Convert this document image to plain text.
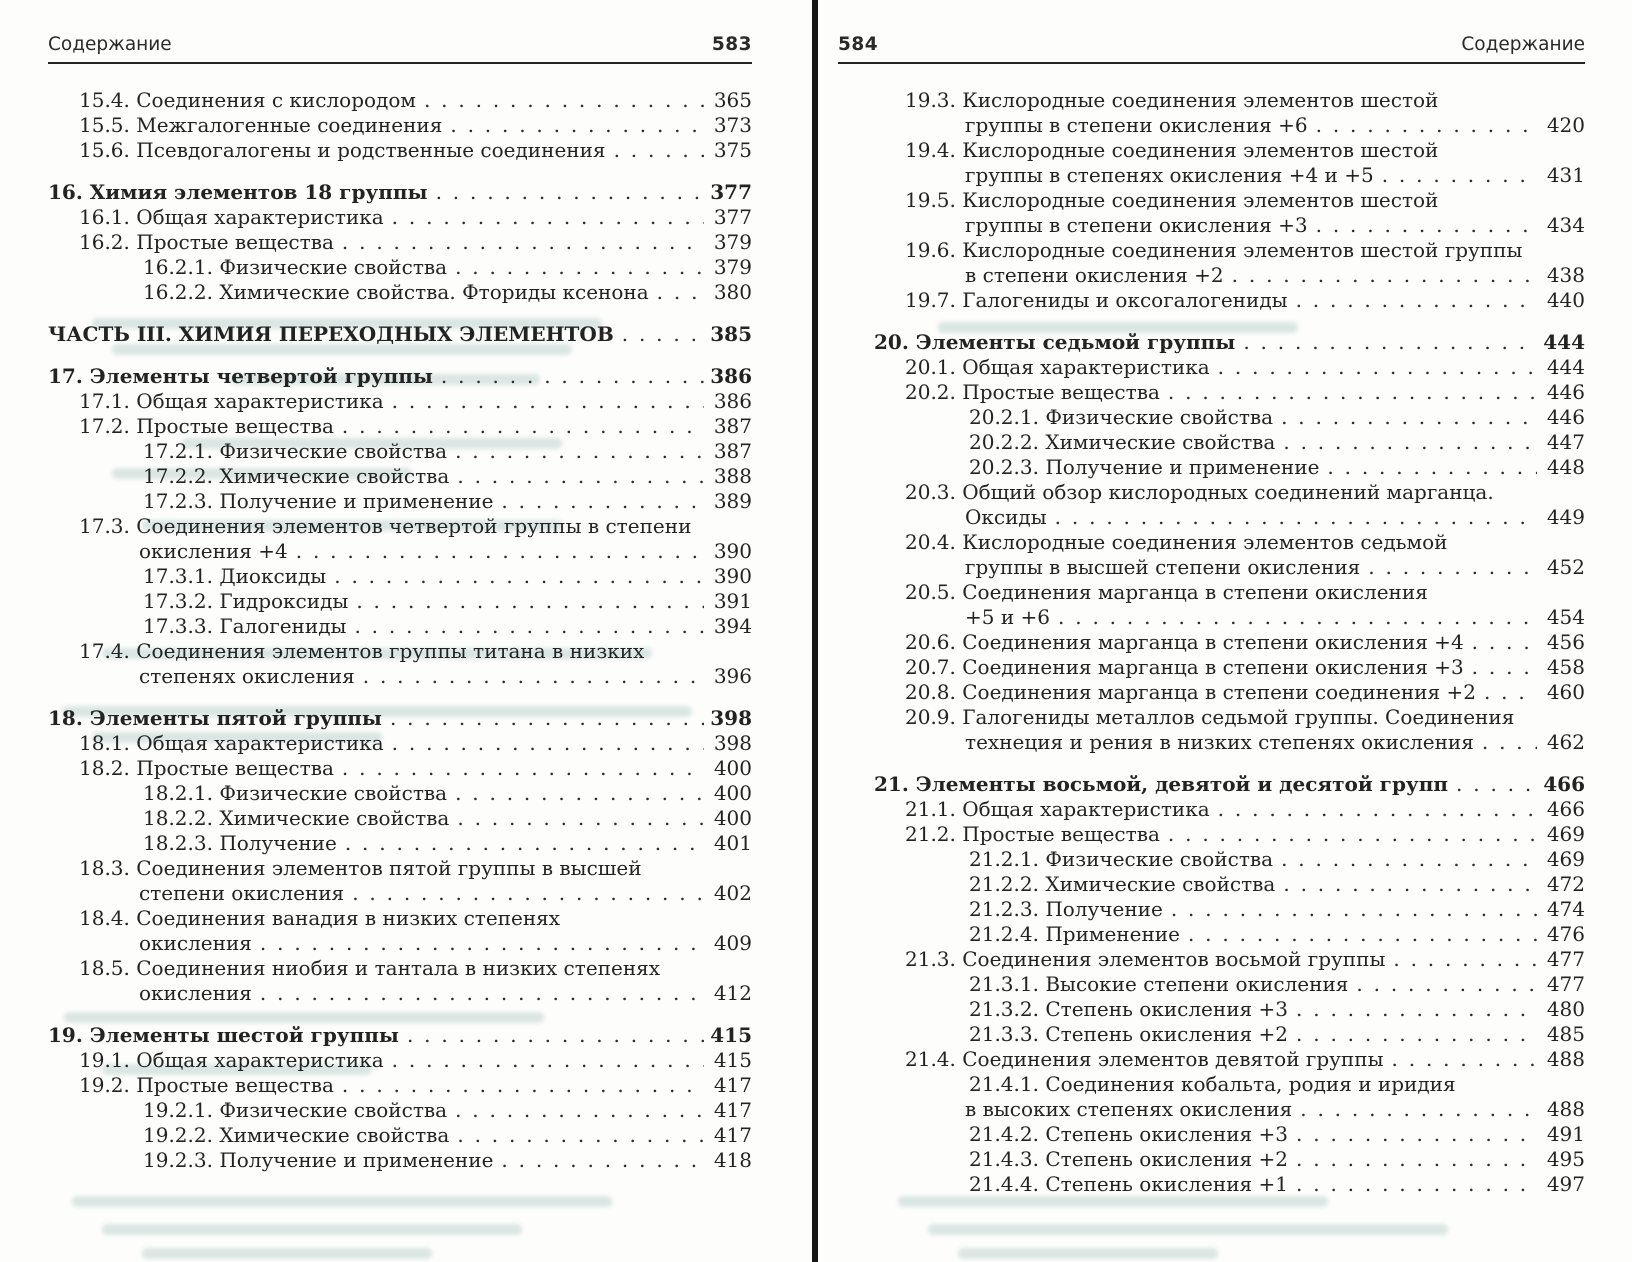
Содержание	583
15.4. Соединения с кислородом . . .	365
15.5. Межгалогенные соединения . . .	373
15.6. Псевдогалогены и родственные соединения . . .	375
16. Химия элементов 18 группы . . .	377
16.1. Общая характеристика . . .	377
16.2. Простые вещества . . .	379
16.2.1. Физические свойства . . .	379
16.2.2. Химические свойства. Фториды ксенона . . .	380
ЧАСТЬ III. ХИМИЯ ПЕРЕХОДНЫХ ЭЛЕМЕНТОВ . . .	385
17. Элементы четвертой группы . . .	386
17.1. Общая характеристика . . .	386
17.2. Простые вещества . . .	387
17.2.1. Физические свойства . . .	387
17.2.2. Химические свойства . . .	388
17.2.3. Получение и применение . . .	389
17.3. Соединения элементов четвертой группы в степени
окисления +4 . . .	390
17.3.1. Диоксиды . . .	390
17.3.2. Гидроксиды . . .	391
17.3.3. Галогениды . . .	394
17.4. Соединения элементов группы титана в низких
степенях окисления . . .	396
18. Элементы пятой группы . . .	398
18.1. Общая характеристика . . .	398
18.2. Простые вещества . . .	400
18.2.1. Физические свойства . . .	400
18.2.2. Химические свойства . . .	400
18.2.3. Получение . . .	401
18.3. Соединения элементов пятой группы в высшей
степени окисления . . .	402
18.4. Соединения ванадия в низких степенях
окисления . . .	409
18.5. Соединения ниобия и тантала в низких степенях
окисления . . .	412
19. Элементы шестой группы . . .	415
19.1. Общая характеристика . . .	415
19.2. Простые вещества . . .	417
19.2.1. Физические свойства . . .	417
19.2.2. Химические свойства . . .	417
19.2.3. Получение и применение . . .	418
584	Содержание
19.3. Кислородные соединения элементов шестой
группы в степени окисления +6 . . .	420
19.4. Кислородные соединения элементов шестой
группы в степенях окисления +4 и +5 . . .	431
19.5. Кислородные соединения элементов шестой
группы в степени окисления +3 . . .	434
19.6. Кислородные соединения элементов шестой группы
в степени окисления +2 . . .	438
19.7. Галогениды и оксогалогениды . . .	440
20. Элементы седьмой группы . . .	444
20.1. Общая характеристика . . .	444
20.2. Простые вещества . . .	446
20.2.1. Физические свойства . . .	446
20.2.2. Химические свойства . . .	447
20.2.3. Получение и применение . . .	448
20.3. Общий обзор кислородных соединений марганца.
Оксиды . . .	449
20.4. Кислородные соединения элементов седьмой
группы в высшей степени окисления . . .	452
20.5. Соединения марганца в степени окисления
+5 и +6 . . .	454
20.6. Соединения марганца в степени окисления +4 . . .	456
20.7. Соединения марганца в степени окисления +3 . . .	458
20.8. Соединения марганца в степени соединения +2 . . .	460
20.9. Галогениды металлов седьмой группы. Соединения
технеция и рения в низких степенях окисления . . .	462
21. Элементы восьмой, девятой и десятой групп . . .	466
21.1. Общая характеристика . . .	466
21.2. Простые вещества . . .	469
21.2.1. Физические свойства . . .	469
21.2.2. Химические свойства . . .	472
21.2.3. Получение . . .	474
21.2.4. Применение . . .	476
21.3. Соединения элементов восьмой группы . . .	477
21.3.1. Высокие степени окисления . . .	477
21.3.2. Степень окисления +3 . . .	480
21.3.3. Степень окисления +2 . . .	485
21.4. Соединения элементов девятой группы . . .	488
21.4.1. Соединения кобальта, родия и иридия
в высоких степенях окисления . . .	488
21.4.2. Степень окисления +3 . . .	491
21.4.3. Степень окисления +2 . . .	495
21.4.4. Степень окисления +1 . . .	497
